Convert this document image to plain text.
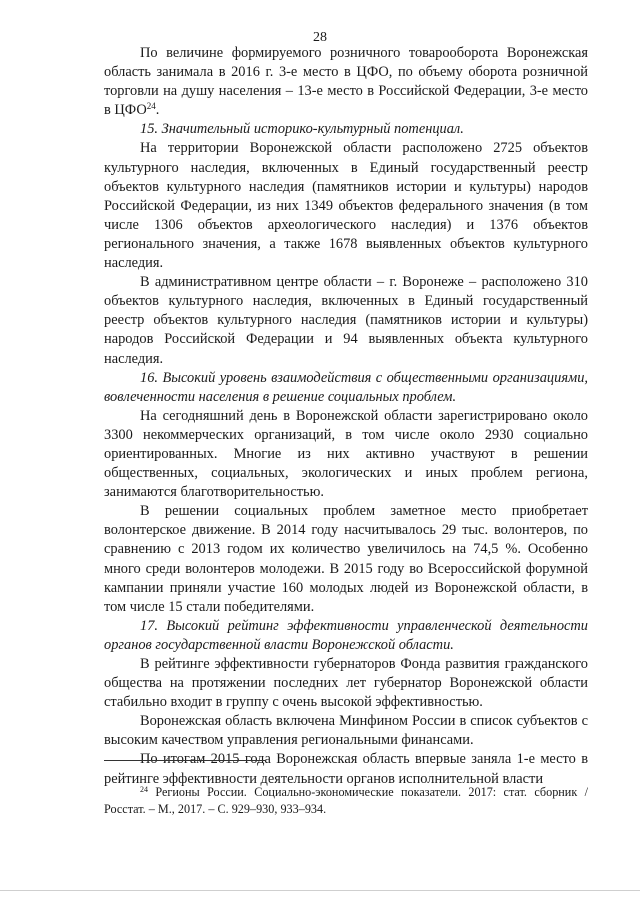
28

По величине формируемого розничного товарооборота Воронежская область занимала в 2016 г. 3-е место в ЦФО, по объему оборота розничной торговли на душу населения – 13-е место в Российской Федерации, 3-е место в ЦФО$^{24}$.

15. Значительный историко-культурный потенциал.

На территории Воронежской области расположено 2725 объектов культурного наследия, включенных в Единый государственный реестр объектов культурного наследия (памятников истории и культуры) народов Российской Федерации, из них 1349 объектов федерального значения (в том числе 1306 объектов археологического наследия) и 1376 объектов регионального значения, а также 1678 выявленных объектов культурного наследия.

В административном центре области – г. Воронеже – расположено 310 объектов культурного наследия, включенных в Единый государственный реестр объектов культурного наследия (памятников истории и культуры) народов Российской Федерации и 94 выявленных объекта культурного наследия.

16. Высокий уровень взаимодействия с общественными организациями, вовлеченности населения в решение социальных проблем.

На сегодняшний день в Воронежской области зарегистрировано около 3300 некоммерческих организаций, в том числе около 2930 социально ориентированных. Многие из них активно участвуют в решении общественных, социальных, экологических и иных проблем региона, занимаются благотворительностью.

В решении социальных проблем заметное место приобретает волонтерское движение. В 2014 году насчитывалось 29 тыс. волонтеров, по сравнению с 2013 годом их количество увеличилось на 74,5 %. Особенно много среди волонтеров молодежи. В 2015 году во Всероссийской форумной кампании приняли участие 160 молодых людей из Воронежской области, в том числе 15 стали победителями.

17. Высокий рейтинг эффективности управленческой деятельности органов государственной власти Воронежской области.

В рейтинге эффективности губернаторов Фонда развития гражданского общества на протяжении последних лет губернатор Воронежской области стабильно входит в группу с очень высокой эффективностью.

Воронежская область включена Минфином России в список субъектов с высоким качеством управления региональными финансами.

По итогам 2015 года Воронежская область впервые заняла 1-е место в рейтинге эффективности деятельности органов исполнительной власти

$^{24}$ Регионы России. Социально-экономические показатели. 2017: стат. сборник / Росстат. – М., 2017. – С. 929–930, 933–934.
